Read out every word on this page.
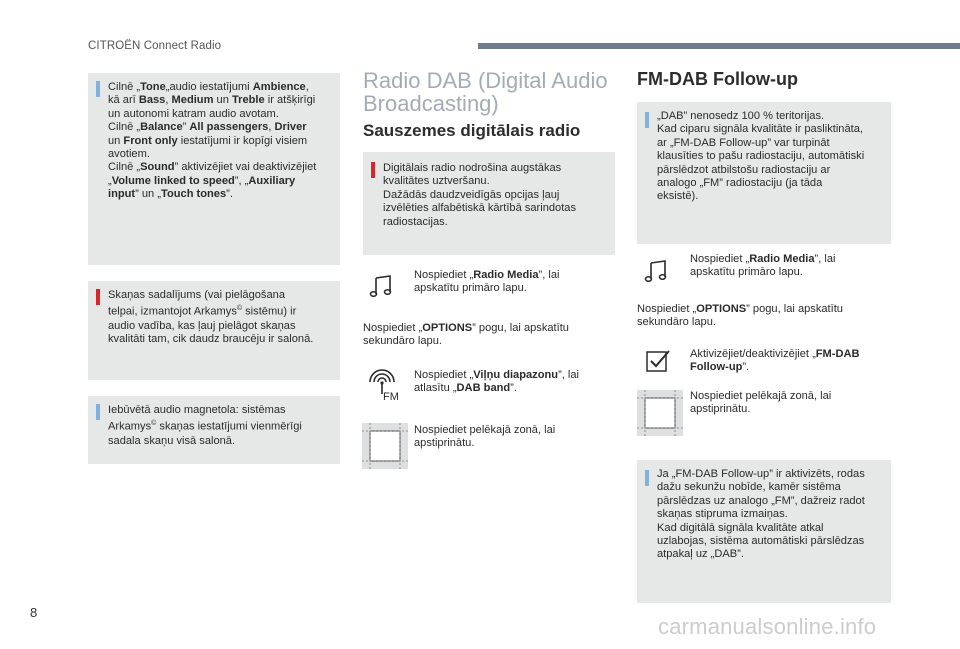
CITROËN Connect Radio
Cilnē „Tone„audio iestatījumi Ambience,
kā arī Bass, Medium un Treble ir atšķirīgi
un autonomi katram audio avotam.
Cilnē „Balance” All passengers, Driver
un Front only iestatījumi ir kopīgi visiem
avotiem.
Cilnē „Sound” aktivizējiet vai deaktivizējiet
„Volume linked to speed”, „Auxiliary
input” un „Touch tones”.
Skaņas sadalījums (vai pielāgošana
telpai, izmantojot Arkamys© sistēmu) ir
audio vadība, kas ļauj pielāgot skaņas
kvalitāti tam, cik daudz braucēju ir salonā.
Iebūvētā audio magnetola: sistēmas
Arkamys© skaņas iestatījumi vienmērīgi
sadala skaņu visā salonā.
Radio DAB (Digital Audio
Broadcasting)
Sauszemes digitālais radio
Digitālais radio nodrošina augstākas
kvalitātes uztveršanu.
Dažādās daudzveidīgās opcijas ļauj
izvēlēties alfabētiskā kārtībā sarindotas
radiostacijas.
Nospiediet „Radio Media”, lai
apskatītu primāro lapu.
Nospiediet „OPTIONS” pogu, lai apskatītu
sekundāro lapu.
FM
Nospiediet „Viļņu diapazonu”, lai
atlasītu „DAB band”.
Nospiediet pelēkajā zonā, lai
apstiprinātu.
FM-DAB Follow-up
„DAB” nenosedz 100 % teritorijas.
Kad ciparu signāla kvalitāte ir pasliktināta,
ar „FM-DAB Follow-up” var turpināt
klausīties to pašu radiostaciju, automātiski
pārslēdzot atbilstošu radiostaciju ar
analogo „FM” radiostaciju (ja tāda
eksistē).
Nospiediet „Radio Media”, lai
apskatītu primāro lapu.
Nospiediet „OPTIONS” pogu, lai apskatītu
sekundāro lapu.
Aktivizējiet/deaktivizējiet „FM-DAB
Follow-up”.
Nospiediet pelēkajā zonā, lai
apstiprinātu.
Ja „FM-DAB Follow-up” ir aktivizēts, rodas
dažu sekunžu nobīde, kamēr sistēma
pārslēdzas uz analogo „FM”, dažreiz radot
skaņas stipruma izmaiņas.
Kad digitālā signāla kvalitāte atkal
uzlabojas, sistēma automātiski pārslēdzas
atpakaļ uz „DAB”.
8
carmanualsonline.info
